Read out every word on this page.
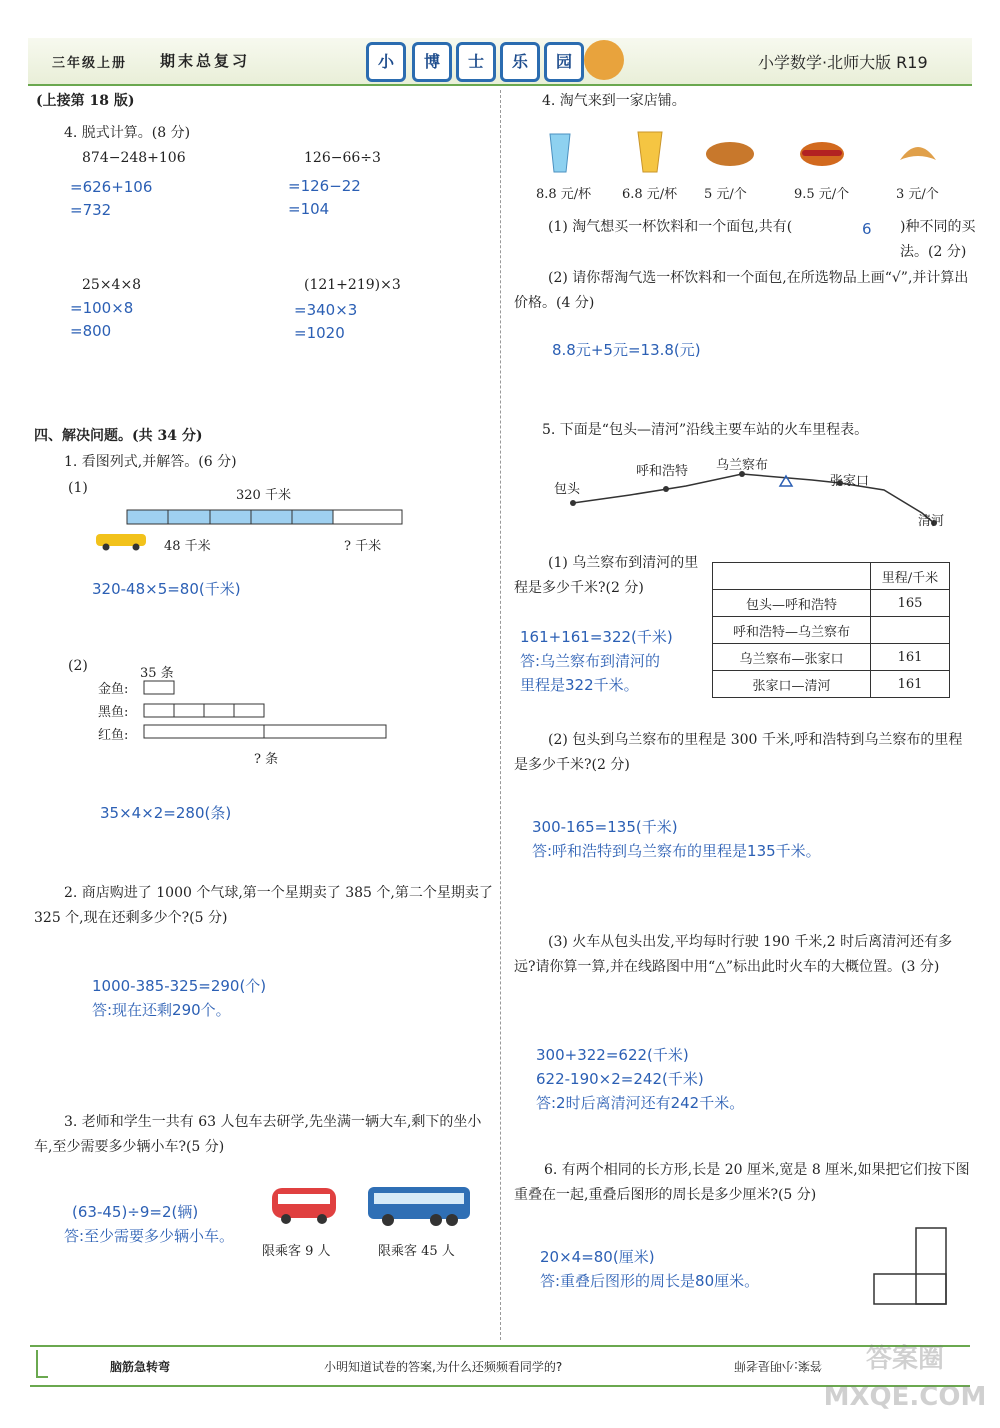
三年级上册 期末总复习	小	博	士	乐	园	小学数学·北师大版 R19
(上接第 18 版)
4. 脱式计算。(8 分)
874−248+106
=626+106
=732
126−66÷3
=126−22
=104
25×4×8
=100×8
=800
(121+219)×3
=340×3
=1020
四、解决问题。(共 34 分)
1. 看图列式,并解答。(6 分)
(1)	320 千米
48 千米	? 千米
320-48×5=80(千米)
(2)	35 条
金鱼:
黑鱼:
红鱼:
? 条
35×4×2=280(条)
2. 商店购进了 1000 个气球,第一个星期卖了 385 个,第二个星期卖了 325 个,现在还剩多少个?(5 分)
1000-385-325=290(个)
答:现在还剩290个。
3. 老师和学生一共有 63 人包车去研学,先坐满一辆大车,剩下的坐小车,至少需要多少辆小车?(5 分)
(63-45)÷9=2(辆)
答:至少需要多少辆小车。
限乘客 9 人	限乘客 45 人
4. 淘气来到一家店铺。
8.8 元/杯 6.8 元/杯 5 元/个	9.5 元/个	3 元/个
(1) 淘气想买一杯饮料和一个面包,共有(	6 )种不同的买法。(2 分)
(2) 请你帮淘气选一杯饮料和一个面包,在所选物品上画“√”,并计算出价格。(4 分)
8.8元+5元=13.8(元)
5. 下面是“包头—清河”沿线主要车站的火车里程表。
包头
呼和浩特 乌兰察布
张家口
清河
(1) 乌兰察布到清河的里程是多少千米?(2 分)
161+161=322(千米)
答:乌兰察布到清河的
里程是322千米。
	里程/千米
包头—呼和浩特	165
呼和浩特—乌兰察布	
乌兰察布—张家口	161
张家口—清河	161
(2) 包头到乌兰察布的里程是 300 千米,呼和浩特到乌兰察布的里程是多少千米?(2 分)
300-165=135(千米)
答:呼和浩特到乌兰察布的里程是135千米。
(3) 火车从包头出发,平均每时行驶 190 千米,2 时后离清河还有多远?请你算一算,并在线路图中用“△”标出此时火车的大概位置。(3 分)
300+322=622(千米)
622-190×2=242(千米)
答:2时后离清河还有242千米。
6. 有两个相同的长方形,长是 20 厘米,宽是 8 厘米,如果把它们按下图重叠在一起,重叠后图形的周长是多少厘米?(5 分)
20×4=80(厘米)
答:重叠后图形的周长是80厘米。
脑筋急转弯	小明知道试卷的答案,为什么还频频看同学的?	答案:小明是老师	答案圈 MXQE.COM
